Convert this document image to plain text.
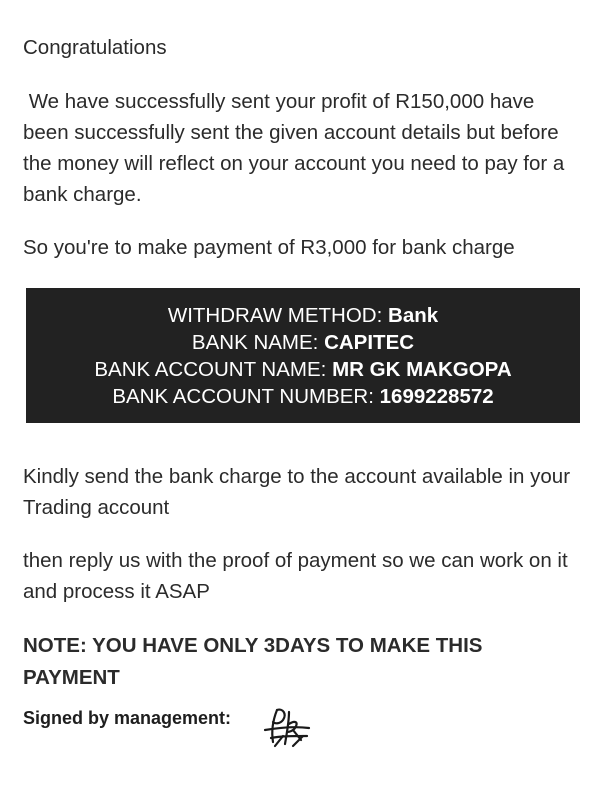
Congratulations

We have successfully sent your profit of R150,000 have been successfully sent the given account details but before the money will reflect on your account you need to pay for a bank charge.

So you're to make payment of R3,000 for bank charge

WITHDRAW METHOD: Bank
BANK NAME: CAPITEC
BANK ACCOUNT NAME: MR GK MAKGOPA
BANK ACCOUNT NUMBER: 1699228572

Kindly send the bank charge to the account available in your Trading account

then reply us with the proof of payment so we can work on it and process it ASAP

NOTE: YOU HAVE ONLY 3DAYS TO MAKE THIS PAYMENT

Signed by management:
